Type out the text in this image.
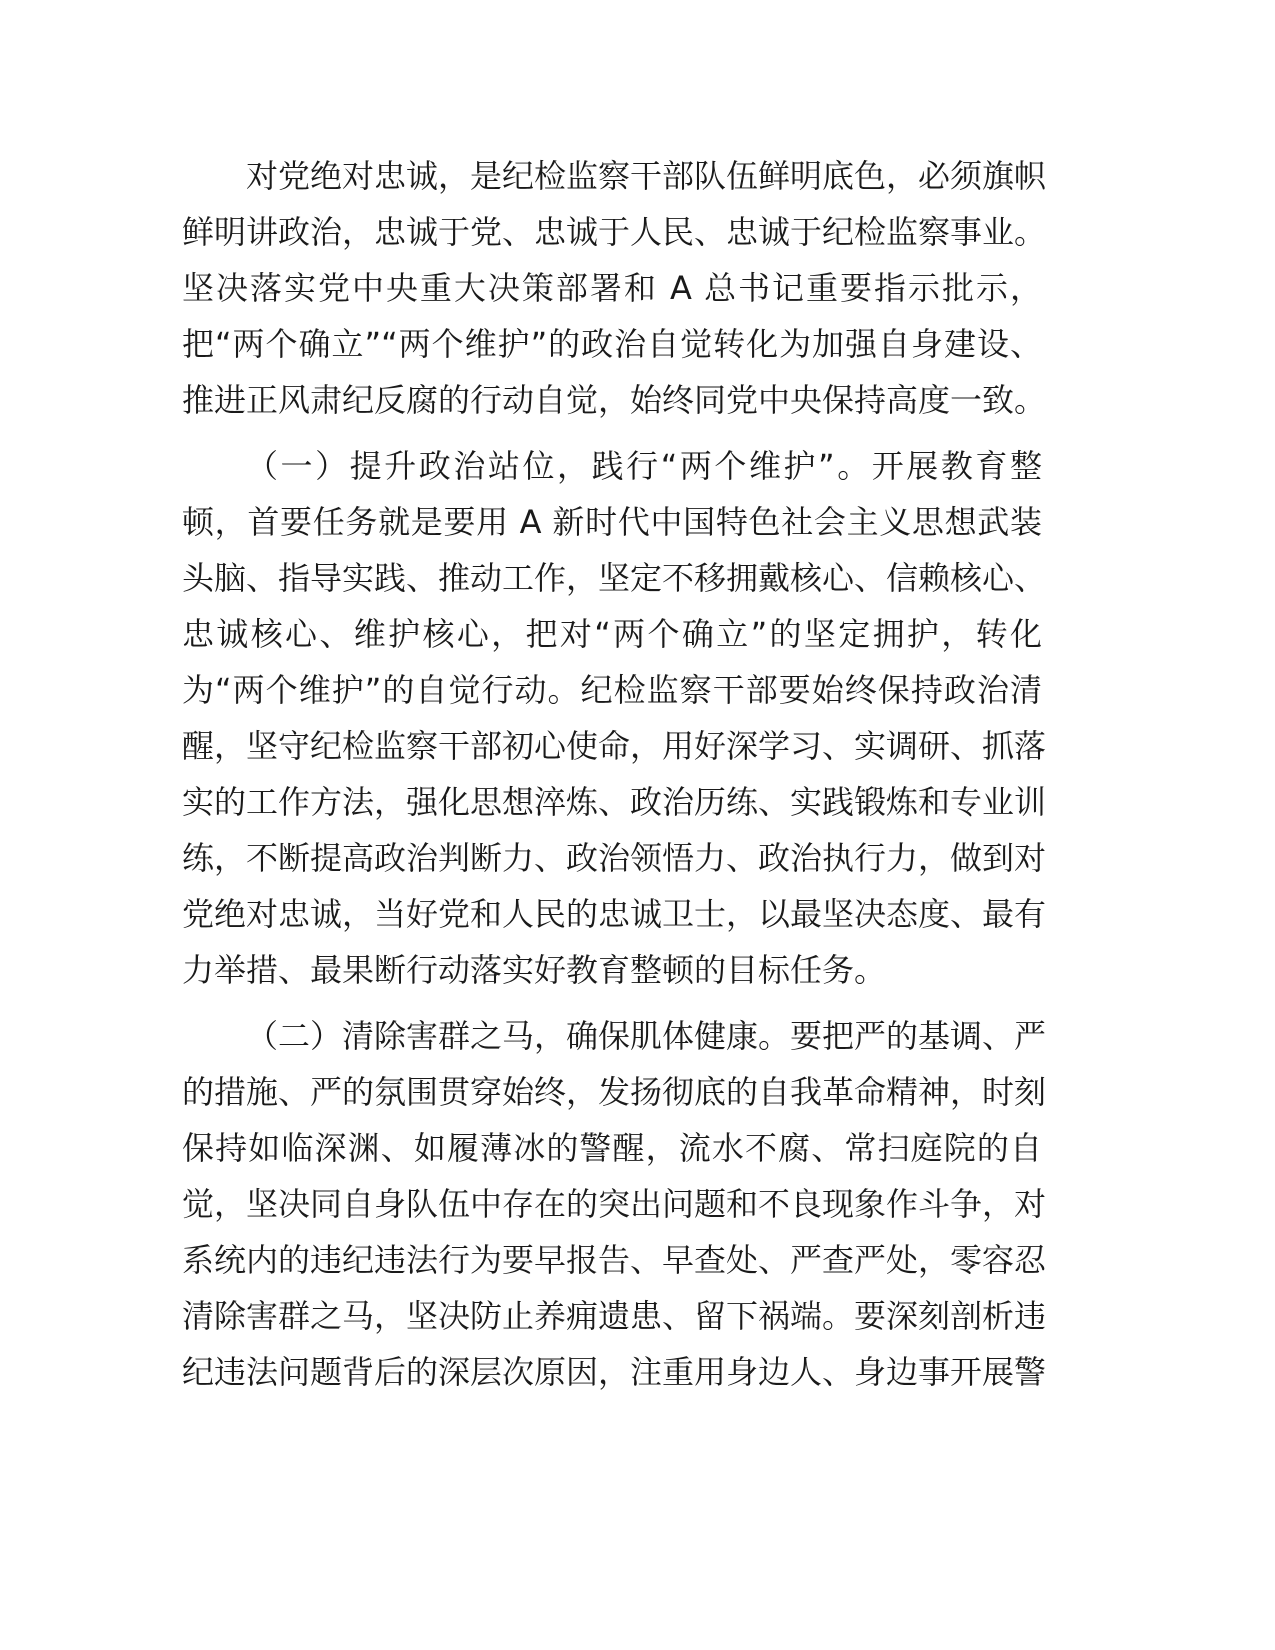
对党绝对忠诚，是纪检监察干部队伍鲜明底色，必须旗帜
鲜明讲政治，忠诚于党、忠诚于人民、忠诚于纪检监察事业。
坚决落实党中央重大决策部署和 A 总书记重要指示批示，
把“两个确立”“两个维护”的政治自觉转化为加强自身建设、
推进正风肃纪反腐的行动自觉，始终同党中央保持高度一致。
（一）提升政治站位，践行“两个维护”。开展教育整
顿，首要任务就是要用 A 新时代中国特色社会主义思想武装
头脑、指导实践、推动工作，坚定不移拥戴核心、信赖核心、
忠诚核心、维护核心，把对“两个确立”的坚定拥护，转化
为“两个维护”的自觉行动。纪检监察干部要始终保持政治清
醒，坚守纪检监察干部初心使命，用好深学习、实调研、抓落
实的工作方法，强化思想淬炼、政治历练、实践锻炼和专业训
练，不断提高政治判断力、政治领悟力、政治执行力，做到对
党绝对忠诚，当好党和人民的忠诚卫士，以最坚决态度、最有
力举措、最果断行动落实好教育整顿的目标任务。
（二）清除害群之马，确保肌体健康。要把严的基调、严
的措施、严的氛围贯穿始终，发扬彻底的自我革命精神，时刻
保持如临深渊、如履薄冰的警醒，流水不腐、常扫庭院的自
觉，坚决同自身队伍中存在的突出问题和不良现象作斗争，对
系统内的违纪违法行为要早报告、早查处、严查严处，零容忍
清除害群之马，坚决防止养痈遗患、留下祸端。要深刻剖析违
纪违法问题背后的深层次原因，注重用身边人、身边事开展警
